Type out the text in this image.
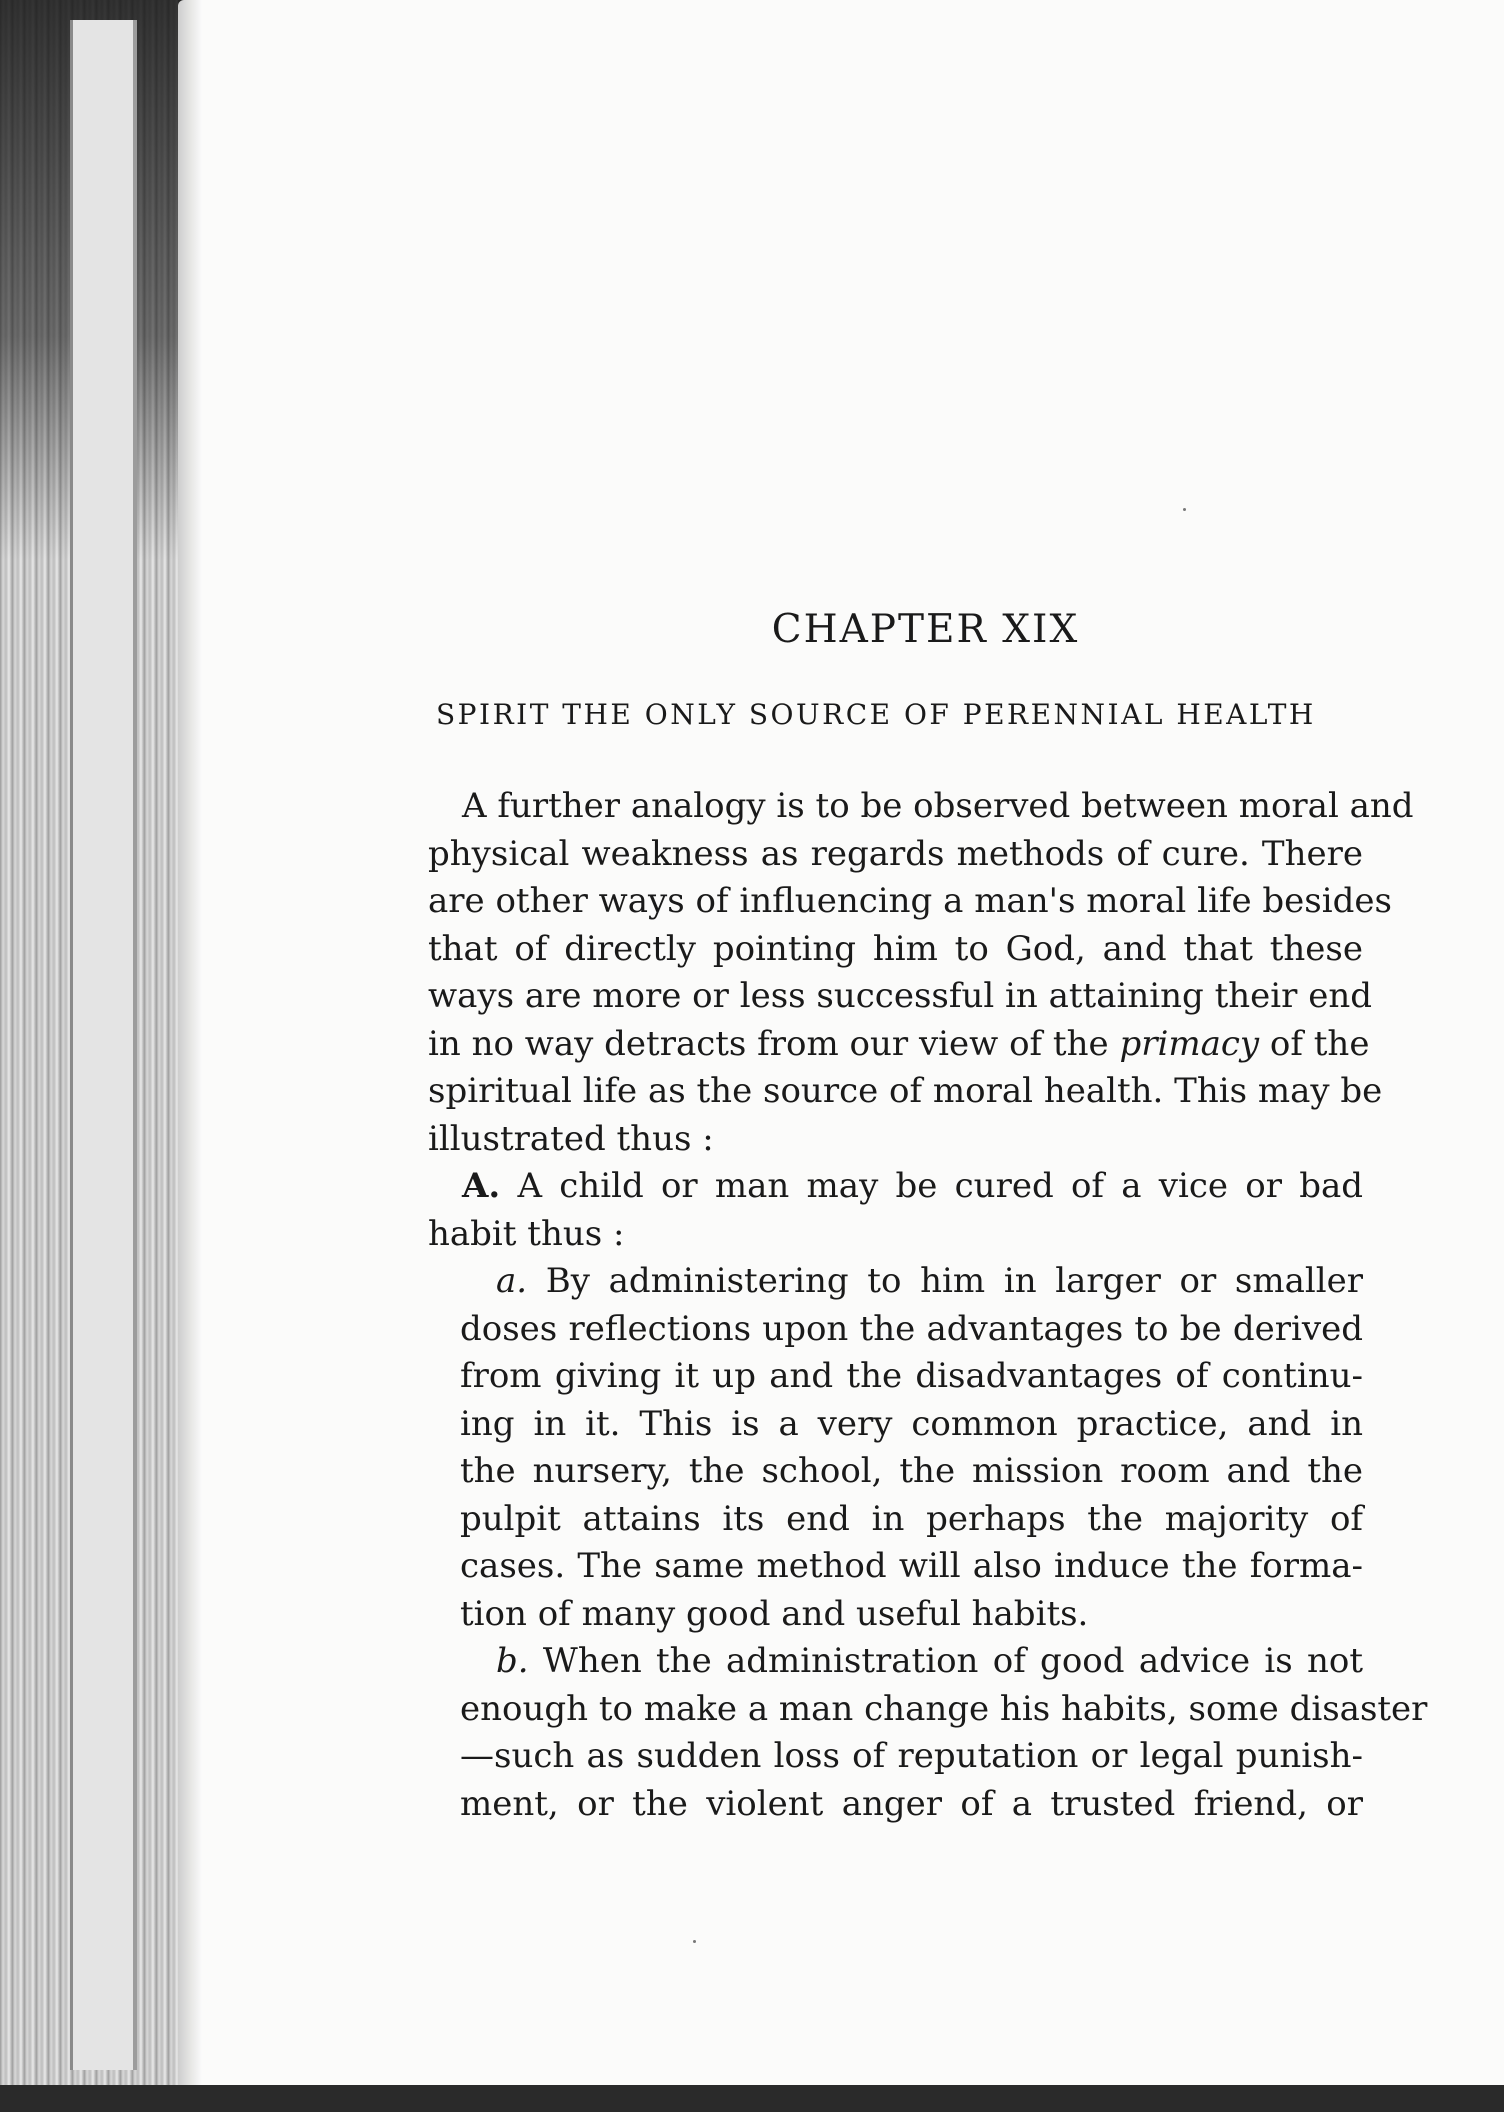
CHAPTER XIX
SPIRIT THE ONLY SOURCE OF PERENNIAL HEALTH
A further analogy is to be observed between moral and
physical weakness as regards methods of cure. There
are other ways of influencing a man's moral life besides
that of directly pointing him to God, and that these
ways are more or less successful in attaining their end
in no way detracts from our view of the primacy of the
spiritual life as the source of moral health. This may be
illustrated thus :
A. A child or man may be cured of a vice or bad
habit thus :
a. By administering to him in larger or smaller
doses reflections upon the advantages to be derived
from giving it up and the disadvantages of continu-
ing in it. This is a very common practice, and in
the nursery, the school, the mission room and the
pulpit attains its end in perhaps the majority of
cases. The same method will also induce the forma-
tion of many good and useful habits.
b. When the administration of good advice is not
enough to make a man change his habits, some disaster
—such as sudden loss of reputation or legal punish-
ment, or the violent anger of a trusted friend, or
